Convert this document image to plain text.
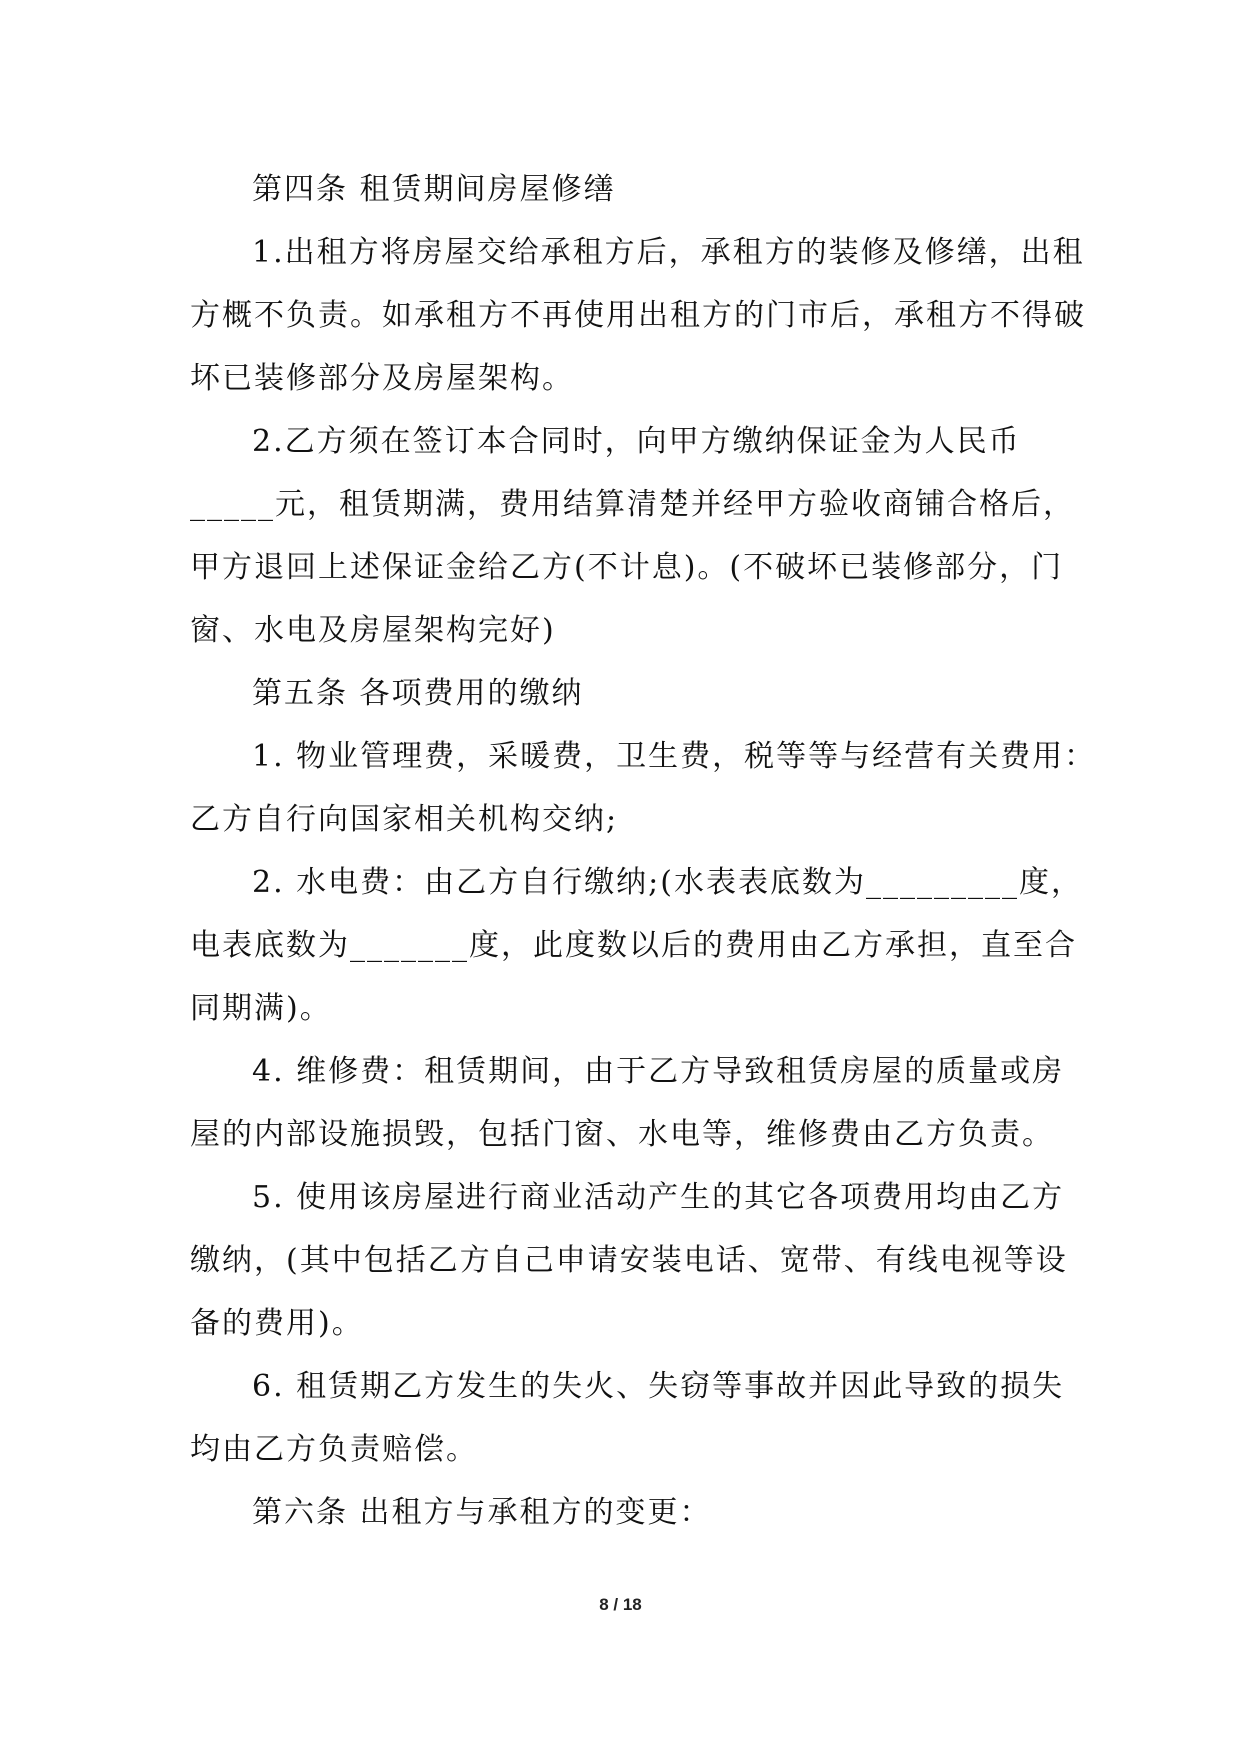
第四条 租赁期间房屋修缮
1.出租方将房屋交给承租方后，承租方的装修及修缮，出租
方概不负责。如承租方不再使用出租方的门市后，承租方不得破
坏已装修部分及房屋架构。
2.乙方须在签订本合同时，向甲方缴纳保证金为人民币
_____元，租赁期满，费用结算清楚并经甲方验收商铺合格后，
甲方退回上述保证金给乙方(不计息)。(不破坏已装修部分，门
窗、水电及房屋架构完好)
第五条 各项费用的缴纳
1. 物业管理费，采暖费，卫生费，税等等与经营有关费用：
乙方自行向国家相关机构交纳;
2. 水电费：由乙方自行缴纳;(水表表底数为_________度，
电表底数为_______度，此度数以后的费用由乙方承担，直至合
同期满)。
4. 维修费：租赁期间，由于乙方导致租赁房屋的质量或房
屋的内部设施损毁，包括门窗、水电等，维修费由乙方负责。
5. 使用该房屋进行商业活动产生的其它各项费用均由乙方
缴纳，(其中包括乙方自己申请安装电话、宽带、有线电视等设
备的费用)。
6. 租赁期乙方发生的失火、失窃等事故并因此导致的损失
均由乙方负责赔偿。
第六条 出租方与承租方的变更：
8 / 18
